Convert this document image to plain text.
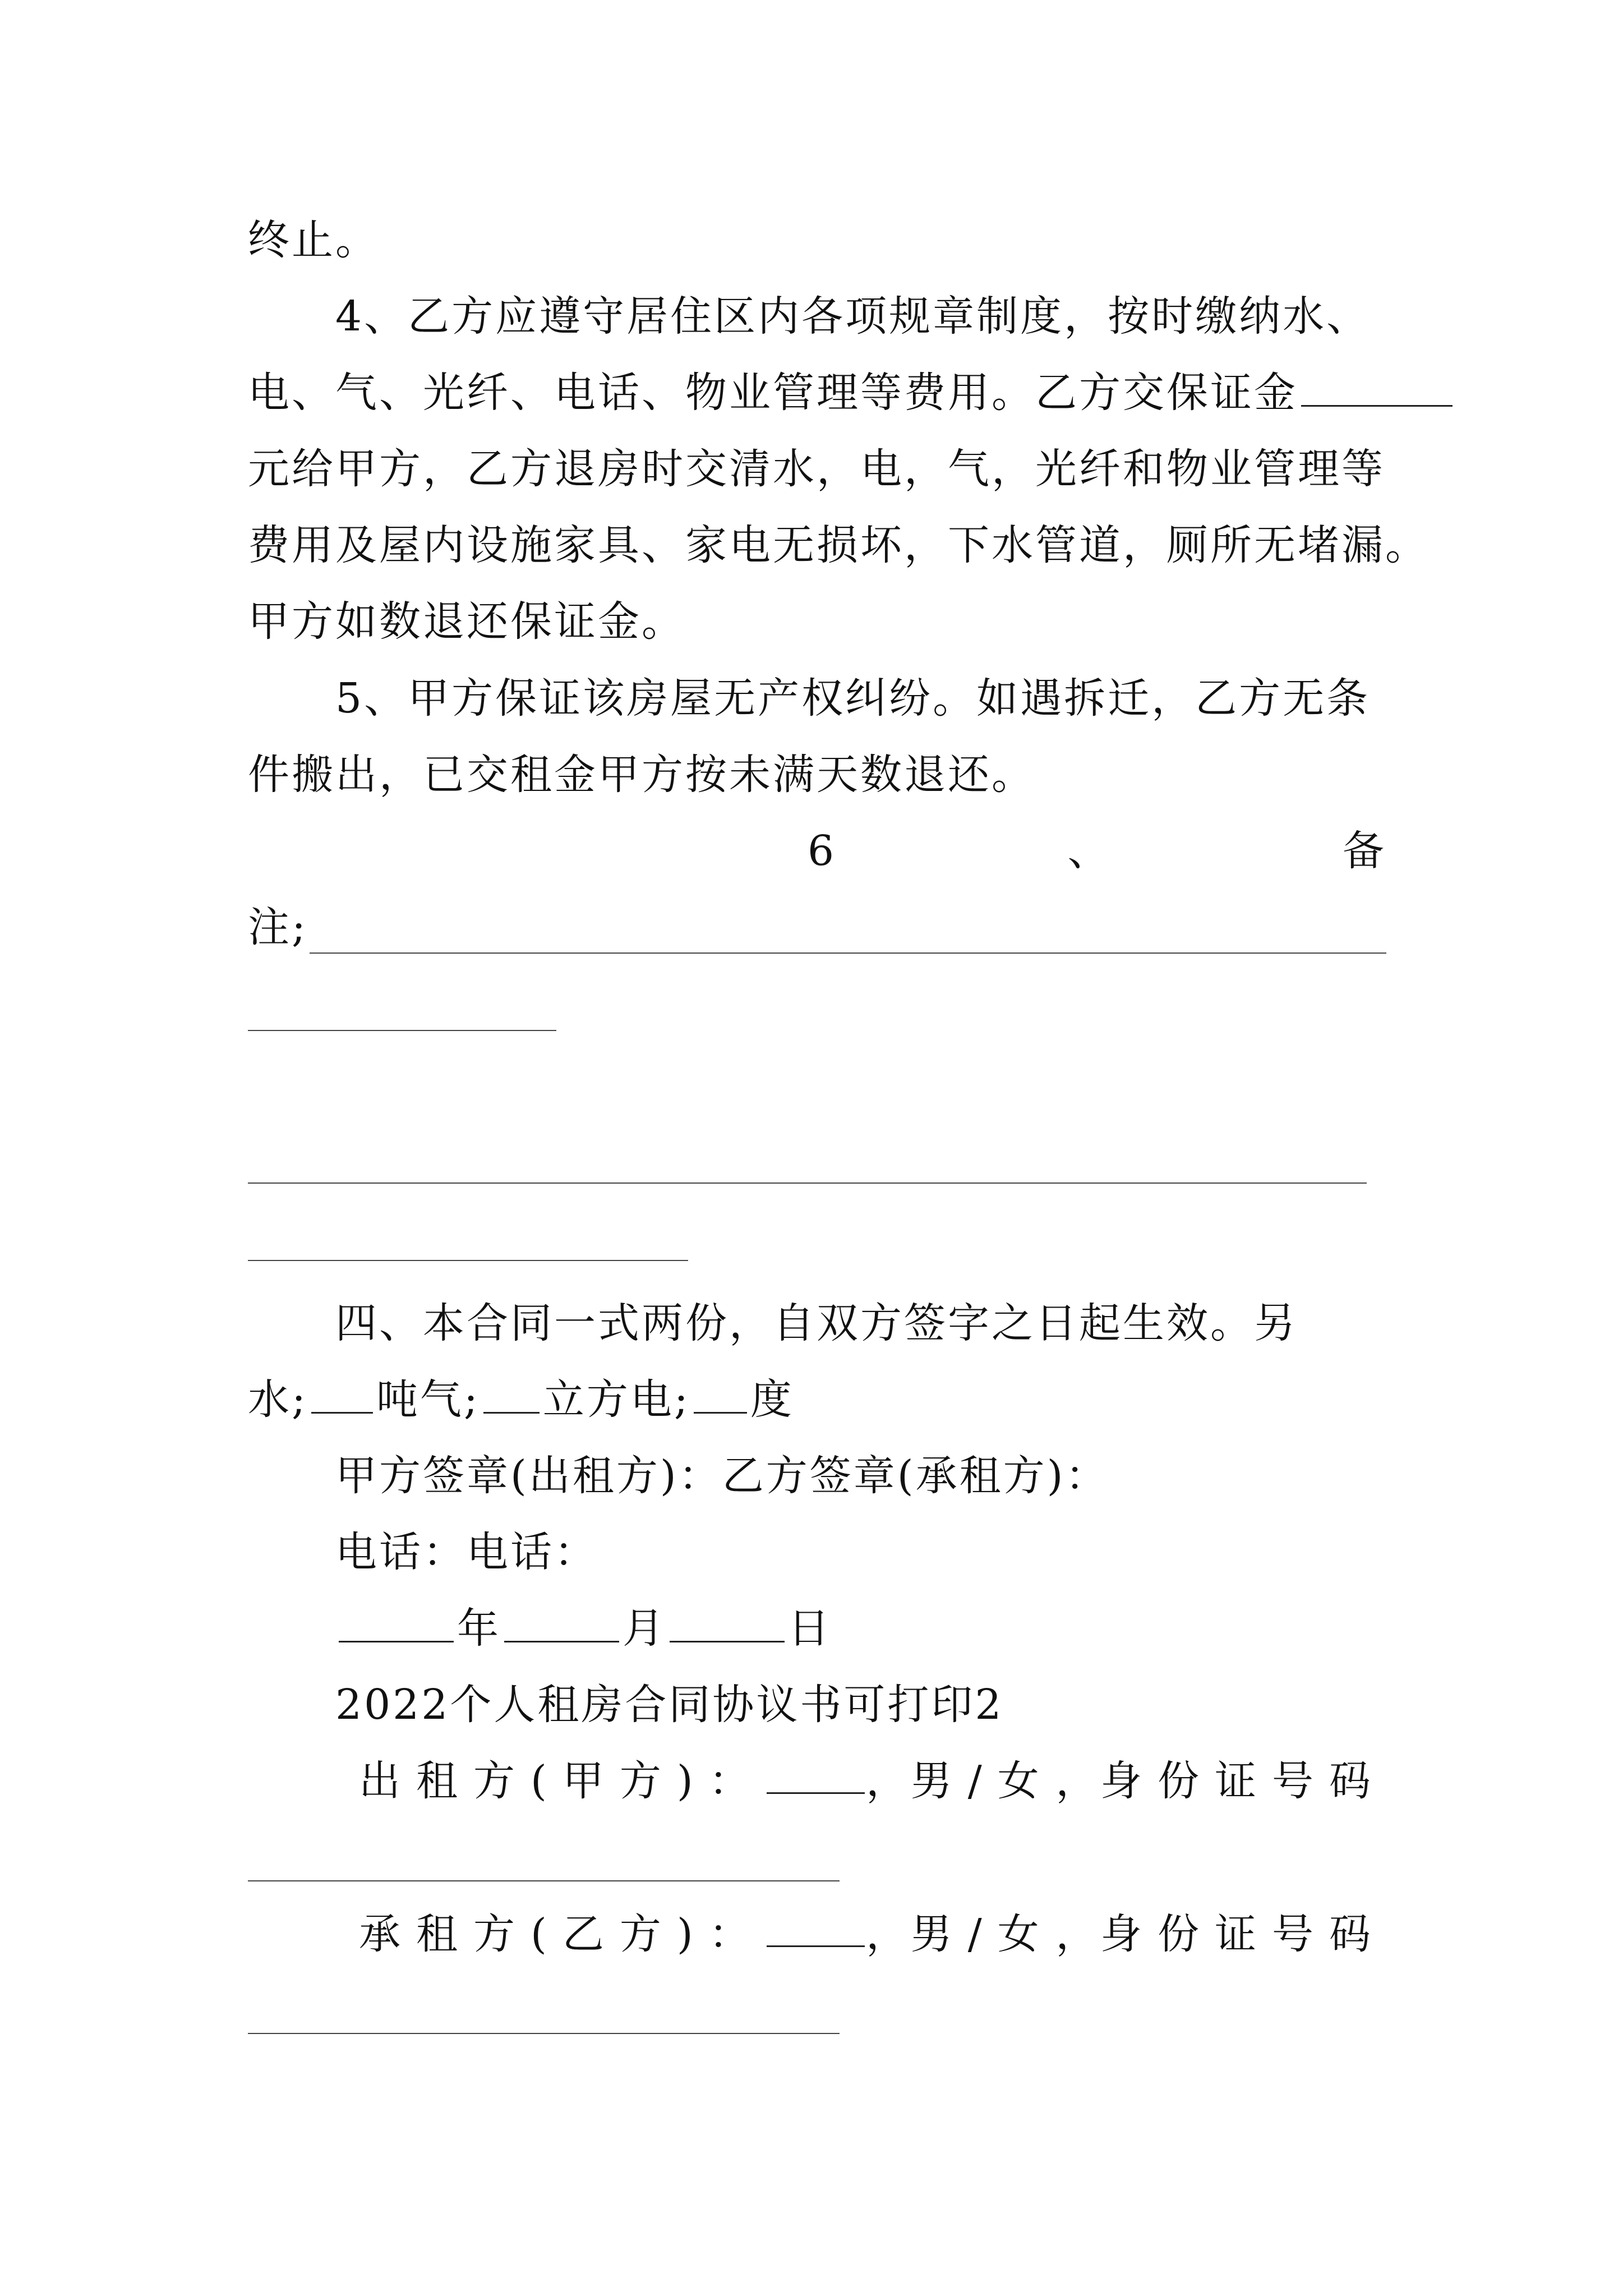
终止。
4、乙方应遵守居住区内各项规章制度，按时缴纳水、
电、气、光纤、电话、物业管理等费用。乙方交保证金
元给甲方，乙方退房时交清水，电，气，光纤和物业管理等
费用及屋内设施家具、家电无损坏，下水管道，厕所无堵漏。
甲方如数退还保证金。
5、甲方保证该房屋无产权纠纷。如遇拆迁，乙方无条
件搬出，已交租金甲方按未满天数退还。
6	、	备
注;
四、本合同一式两份，自双方签字之日起生效。另
水; 吨气; 立方电; 度
甲方签章(出租方)：乙方签章(承租方)：
电话：电话：
年	月	日
2022个人租房合同协议书可打印2
出租方(甲方)： ， 男/女 ， 身份证号码
承租方(乙方)： ， 男/女 ， 身份证号码
